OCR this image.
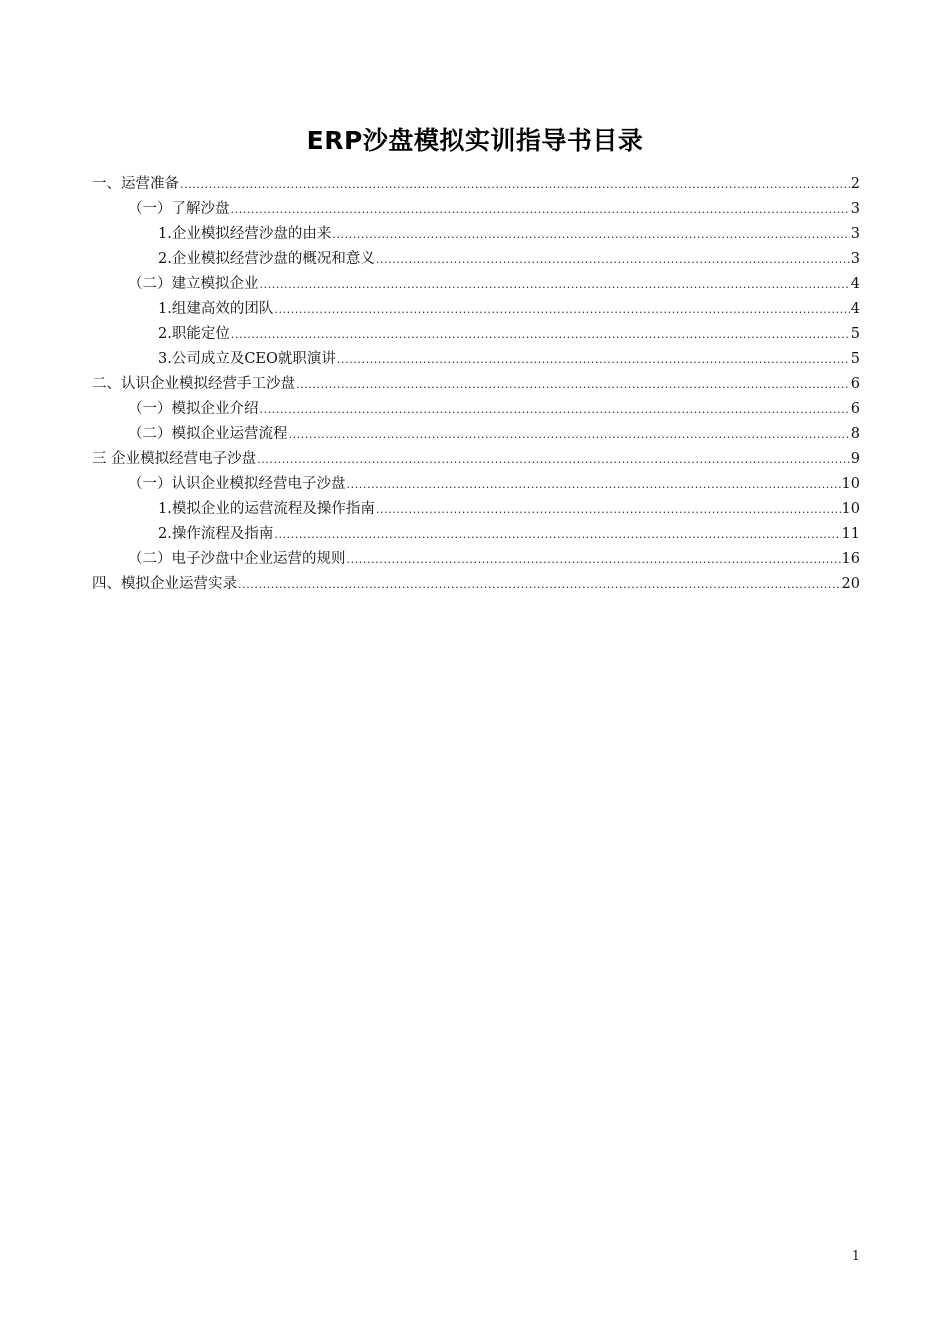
ERP沙盘模拟实训指导书目录
一、运营准备 .....	2
（一）了解沙盘 .....	3
1.企业模拟经营沙盘的由来 .....	3
2.企业模拟经营沙盘的概况和意义 .....	3
（二）建立模拟企业 .....	4
1.组建高效的团队 .....	4
2.职能定位 .....	5
3.公司成立及CEO就职演讲 .....	5
二、认识企业模拟经营手工沙盘 .....	6
（一）模拟企业介绍 .....	6
（二）模拟企业运营流程 .....	8
三 企业模拟经营电子沙盘 .....	9
（一）认识企业模拟经营电子沙盘 .....	10
1.模拟企业的运营流程及操作指南 .....	10
2.操作流程及指南 .....	11
（二）电子沙盘中企业运营的规则 .....	16
四、模拟企业运营实录 .....	20
1
